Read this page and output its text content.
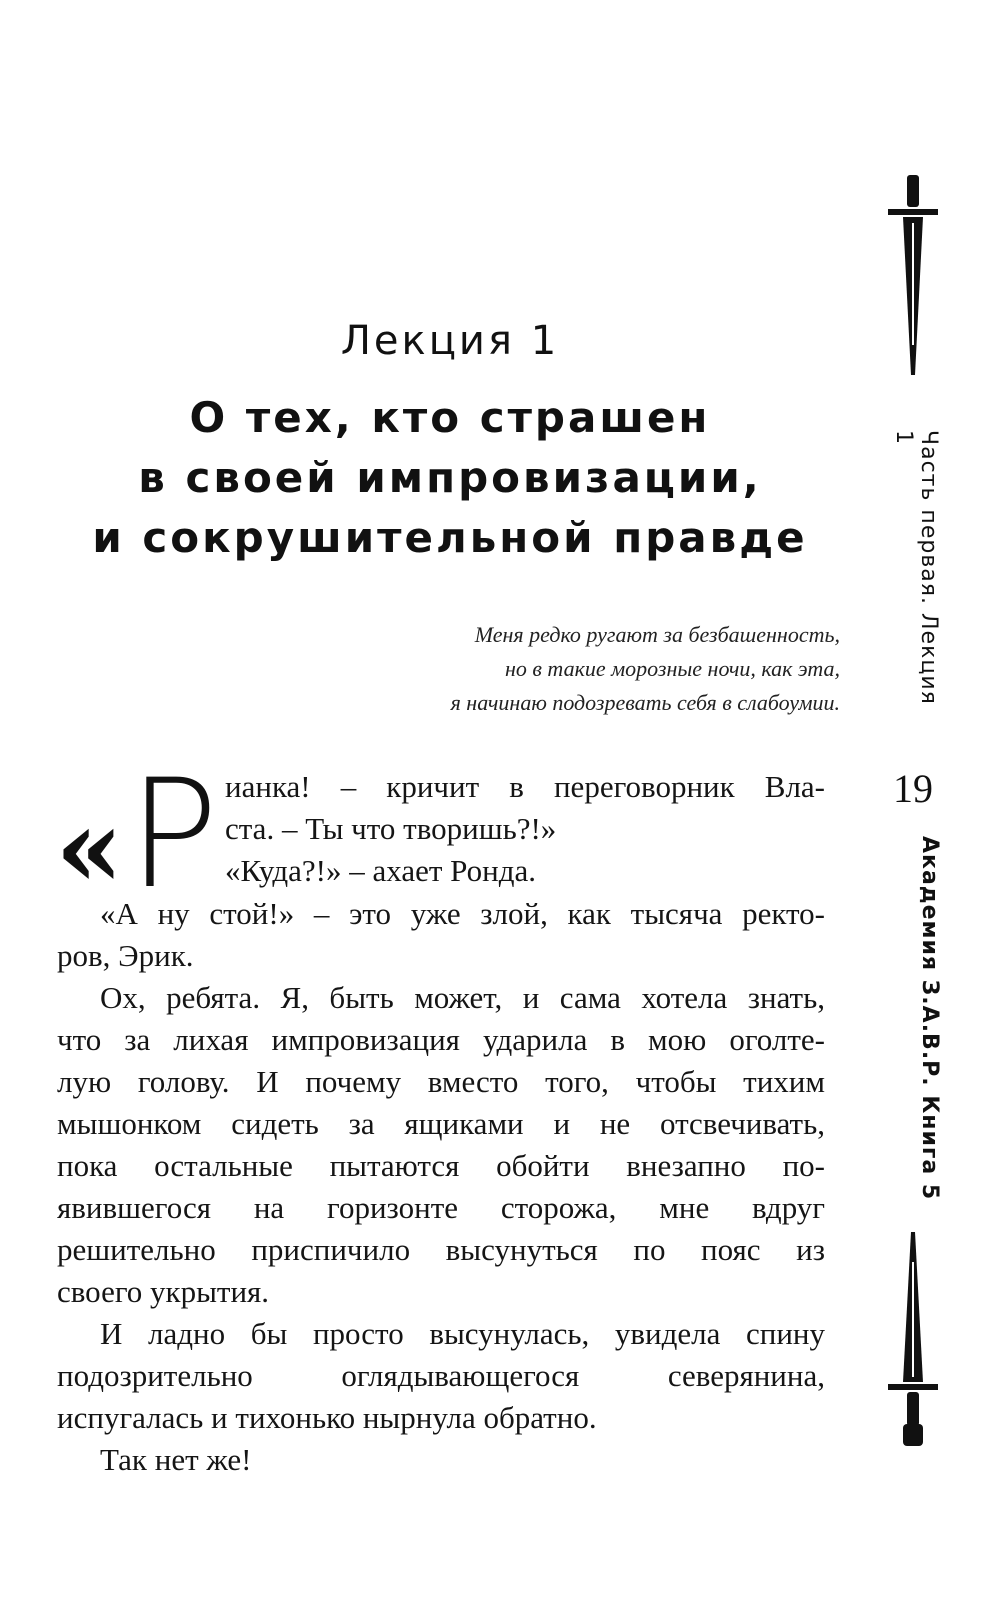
Лекция 1
О тех, кто страшен
в своей импровизации,
и сокрушительной правде
Меня редко ругают за безбашенность,
но в такие морозные ночи, как эта,
я начинаю подозревать себя в слабоумии.
« Р ианка! – кричит в переговорник Вла-
ста. – Ты что творишь?!»
«Куда?!» – ахает Ронда.
«А ну стой!» – это уже злой, как тысяча ректо-
ров, Эрик.
Ох, ребята. Я, быть может, и сама хотела знать,
что за лихая импровизация ударила в мою оголте-
лую голову. И почему вместо того, чтобы тихим
мышонком сидеть за ящиками и не отсвечивать,
пока остальные пытаются обойти внезапно по-
явившегося на горизонте сторожа, мне вдруг
решительно приспичило высунуться по пояс из
своего укрытия.
И ладно бы просто высунулась, увидела спину
подозрительно оглядывающегося северянина,
испугалась и тихонько нырнула обратно.
Так нет же!
Часть первая. Лекция 1
19
Академия З.А.В.Р. Книга 5
